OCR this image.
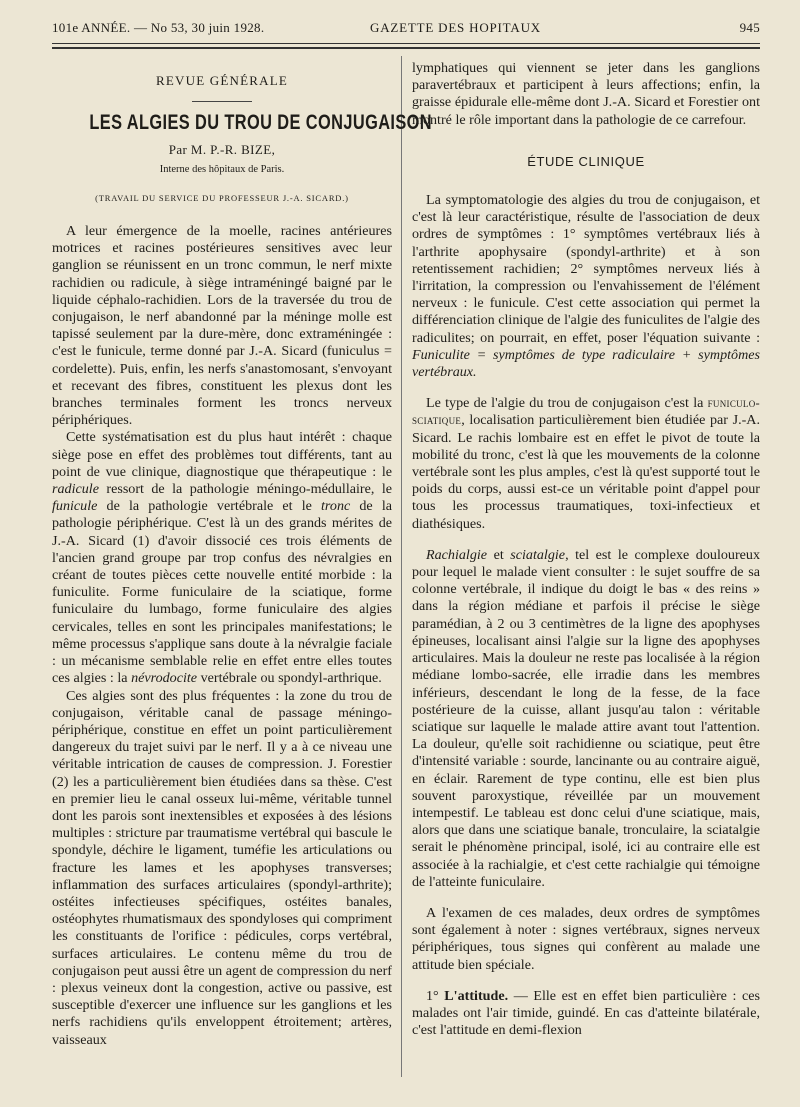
101e ANNÉE. — No 53, 30 juin 1928.	GAZETTE DES HOPITAUX	945
REVUE GÉNÉRALE
LES ALGIES DU TROU DE CONJUGAISON
Par M. P.-R. BIZE,
Interne des hôpitaux de Paris.
(TRAVAIL DU SERVICE DU PROFESSEUR J.-A. SICARD.)

A leur émergence de la moelle, racines antérieures motrices et racines postérieures sensitives avec leur ganglion se réunissent en un tronc commun, le nerf mixte rachidien ou radicule, à siège intraméningé baigné par le liquide céphalo-rachidien. Lors de la traversée du trou de conjugaison, le nerf abandonné par la méninge molle est tapissé seulement par la dure-mère, donc extraméningée : c'est le funicule, terme donné par J.-A. Sicard (funiculus = cordelette). Puis, enfin, les nerfs s'anastomosant, s'envoyant et recevant des fibres, constituent les plexus dont les branches terminales forment les troncs nerveux périphériques.

Cette systématisation est du plus haut intérêt : chaque siège pose en effet des problèmes tout différents, tant au point de vue clinique, diagnostique que thérapeutique : le radicule ressort de la pathologie méningo-médullaire, le funicule de la pathologie vertébrale et le tronc de la pathologie périphérique. C'est là un des grands mérites de J.-A. Sicard (1) d'avoir dissocié ces trois éléments de l'ancien grand groupe par trop confus des névralgies en créant de toutes pièces cette nouvelle entité morbide : la funiculite. Forme funiculaire de la sciatique, forme funiculaire du lumbago, forme funiculaire des algies cervicales, telles en sont les principales manifestations; le même processus s'applique sans doute à la névralgie faciale : un mécanisme semblable relie en effet entre elles toutes ces algies : la névrodocite vertébrale ou spondyl-arthrique.

Ces algies sont des plus fréquentes : la zone du trou de conjugaison, véritable canal de passage méningo-périphérique, constitue en effet un point particulièrement dangereux du trajet suivi par le nerf. Il y a à ce niveau une véritable intrication de causes de compression. J. Forestier (2) les a particulièrement bien étudiées dans sa thèse. C'est en premier lieu le canal osseux lui-même, véritable tunnel dont les parois sont inextensibles et exposées à des lésions multiples : stricture par traumatisme vertébral qui bascule le spondyle, déchire le ligament, tuméfie les articulations ou fracture les lames et les apophyses transverses; inflammation des surfaces articulaires (spondyl-arthrite); ostéites infectieuses spécifiques, ostéites banales, ostéophytes rhumatismaux des spondyloses qui compriment les constituants de l'orifice : pédicules, corps vertébral, surfaces articulaires. Le contenu même du trou de conjugaison peut aussi être un agent de compression du nerf : plexus veineux dont la congestion, active ou passive, est susceptible d'exercer une influence sur les ganglions et les nerfs rachidiens qu'ils enveloppent étroitement; artères, vaisseaux

lymphatiques qui viennent se jeter dans les ganglions paravertébraux et participent à leurs affections; enfin, la graisse épidurale elle-même dont J.-A. Sicard et Forestier ont montré le rôle important dans la pathologie de ce carrefour.

ÉTUDE CLINIQUE

La symptomatologie des algies du trou de conjugaison, et c'est là leur caractéristique, résulte de l'association de deux ordres de symptômes : 1° symptômes vertébraux liés à l'arthrite apophysaire (spondyl-arthrite) et à son retentissement rachidien; 2° symptômes nerveux liés à l'irritation, la compression ou l'envahissement de l'élément nerveux : le funicule. C'est cette association qui permet la différenciation clinique de l'algie des funiculites de l'algie des radiculites; on pourrait, en effet, poser l'équation suivante : Funiculite = symptômes de type radiculaire + symptômes vertébraux.

Le type de l'algie du trou de conjugaison c'est la funiculo-sciatique, localisation particulièrement bien étudiée par J.-A. Sicard. Le rachis lombaire est en effet le pivot de toute la mobilité du tronc, c'est là que les mouvements de la colonne vertébrale sont les plus amples, c'est là qu'est supporté tout le poids du corps, aussi est-ce un véritable point d'appel pour tous les processus traumatiques, toxi-infectieux et diathésiques.

Rachialgie et sciatalgie, tel est le complexe douloureux pour lequel le malade vient consulter : le sujet souffre de sa colonne vertébrale, il indique du doigt le bas « des reins » dans la région médiane et parfois il précise le siège paramédian, à 2 ou 3 centimètres de la ligne des apophyses épineuses, localisant ainsi l'algie sur la ligne des apophyses articulaires. Mais la douleur ne reste pas localisée à la région médiane lombo-sacrée, elle irradie dans les membres inférieurs, descendant le long de la fesse, de la face postérieure de la cuisse, allant jusqu'au talon : véritable sciatique sur laquelle le malade attire avant tout l'attention. La douleur, qu'elle soit rachidienne ou sciatique, peut être d'intensité variable : sourde, lancinante ou au contraire aiguë, en éclair. Rarement de type continu, elle est bien plus souvent paroxystique, réveillée par un mouvement intempestif. Le tableau est donc celui d'une sciatique, mais, alors que dans une sciatique banale, tronculaire, la sciatalgie serait le phénomène principal, isolé, ici au contraire elle est associée à la rachialgie, et c'est cette rachialgie qui témoigne de l'atteinte funiculaire.

A l'examen de ces malades, deux ordres de symptômes sont également à noter : signes vertébraux, signes nerveux périphériques, tous signes qui confèrent au malade une attitude bien spéciale.

1° L'attitude. — Elle est en effet bien particulière : ces malades ont l'air timide, guindé. En cas d'atteinte bilatérale, c'est l'attitude en demi-flexion
